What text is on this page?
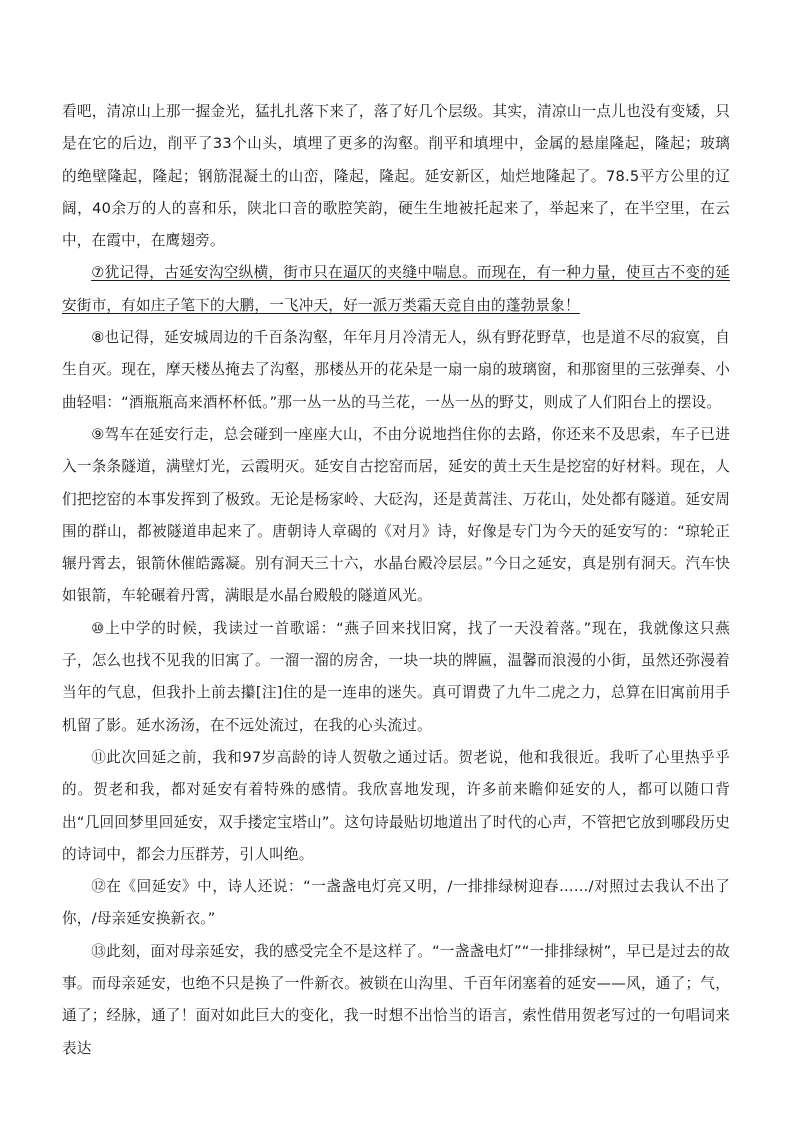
看吧，清凉山上那一握金光，猛扎扎落下来了，落了好几个层级。其实，清凉山一点儿也没有变矮，只是在它的后边，削平了33个山头，填埋了更多的沟壑。削平和填埋中，金属的悬崖隆起，隆起；玻璃的绝壁隆起，隆起；钢筋混凝土的山峦，隆起，隆起。延安新区，灿烂地隆起了。78.5平方公里的辽阔，40余万的人的喜和乐，陕北口音的歌腔笑韵，硬生生地被托起来了，举起来了，在半空里，在云中，在霞中，在鹰翅旁。

⑦犹记得，古延安沟空纵横，街市只在逼仄的夹缝中喘息。而现在，有一种力量，使亘古不变的延安街市，有如庄子笔下的大鹏，一飞冲天，好一派万类霜天竞自由的蓬勃景象！

⑧也记得，延安城周边的千百条沟壑，年年月月冷清无人，纵有野花野草，也是道不尽的寂寞，自生自灭。现在，摩天楼丛掩去了沟壑，那楼丛开的花朵是一扇一扇的玻璃窗，和那窗里的三弦弹奏、小曲轻唱：“酒瓶瓶高来酒杯杯低。”那一丛一丛的马兰花，一丛一丛的野艾，则成了人们阳台上的摆设。

⑨驾车在延安行走，总会碰到一座座大山，不由分说地挡住你的去路，你还来不及思索，车子已进入一条条隧道，满壁灯光，云霞明灭。延安自古挖窑而居，延安的黄土天生是挖窑的好材料。现在，人们把挖窑的本事发挥到了极致。无论是杨家岭、大砭沟，还是黄蒿洼、万花山，处处都有隧道。延安周围的群山，都被隧道串起来了。唐朝诗人章碣的《对月》诗，好像是专门为今天的延安写的：“琼轮正辗丹霄去，银箭休催皓露凝。别有洞天三十六，水晶台殿冷层层。”今日之延安，真是别有洞天。汽车快如银箭，车轮碾着丹霄，满眼是水晶台殿般的隧道风光。

⑩上中学的时候，我读过一首歌谣：“燕子回来找旧窝，找了一天没着落。”现在，我就像这只燕子，怎么也找不见我的旧寓了。一溜一溜的房舍，一块一块的牌匾，温馨而浪漫的小街，虽然还弥漫着当年的气息，但我扑上前去攥[注]住的是一连串的迷失。真可谓费了九牛二虎之力，总算在旧寓前用手机留了影。延水汤汤，在不远处流过，在我的心头流过。

⑪此次回延之前，我和97岁高龄的诗人贺敬之通过话。贺老说，他和我很近。我听了心里热乎乎的。贺老和我，都对延安有着特殊的感情。我欣喜地发现，许多前来瞻仰延安的人，都可以随口背出“几回回梦里回延安，双手搂定宝塔山”。这句诗最贴切地道出了时代的心声，不管把它放到哪段历史的诗词中，都会力压群芳，引人叫绝。

⑫在《回延安》中，诗人还说：“一盏盏电灯亮又明，/一排排绿树迎春……/对照过去我认不出了你，/母亲延安换新衣。”

⑬此刻，面对母亲延安，我的感受完全不是这样了。“一盏盏电灯”“一排排绿树”，早已是过去的故事。而母亲延安，也绝不只是换了一件新衣。被锁在山沟里、千百年闭塞着的延安——风，通了；气，通了；经脉，通了！面对如此巨大的变化，我一时想不出恰当的语言，索性借用贺老写过的一句唱词来表达
